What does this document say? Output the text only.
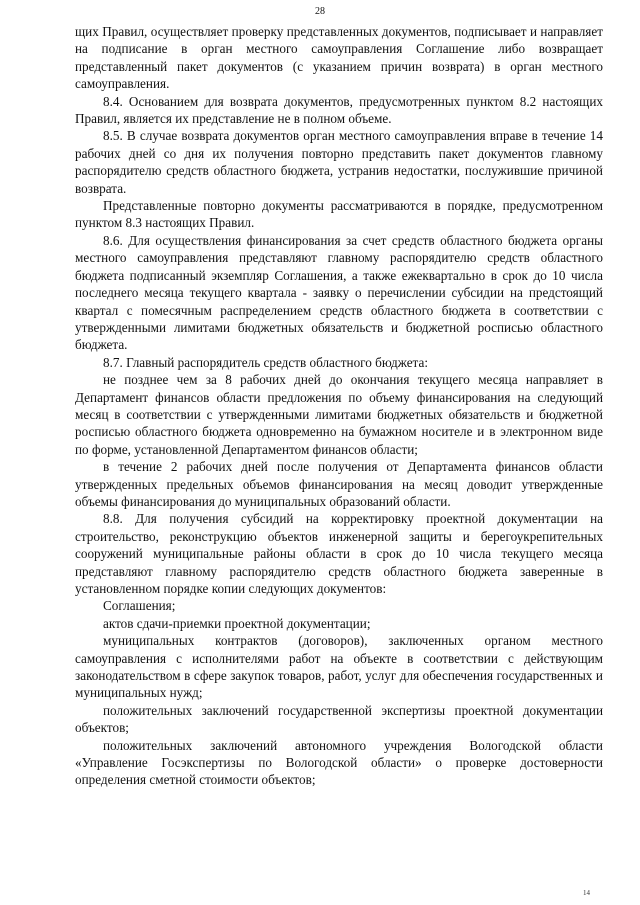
28

щих Правил, осуществляет проверку представленных документов, подписывает и направляет на подписание в орган местного самоуправления Соглашение либо возвращает представленный пакет документов (с указанием причин возврата) в орган местного самоуправления.

8.4. Основанием для возврата документов, предусмотренных пунктом 8.2 настоящих Правил, является их представление не в полном объеме.

8.5. В случае возврата документов орган местного самоуправления вправе в течение 14 рабочих дней со дня их получения повторно представить пакет документов главному распорядителю средств областного бюджета, устранив недостатки, послужившие причиной возврата.

Представленные повторно документы рассматриваются в порядке, предусмотренном пунктом 8.3 настоящих Правил.

8.6. Для осуществления финансирования за счет средств областного бюджета органы местного самоуправления представляют главному распорядителю средств областного бюджета подписанный экземпляр Соглашения, а также ежеквартально в срок до 10 числа последнего месяца текущего квартала - заявку о перечислении субсидии на предстоящий квартал с помесячным распределением средств областного бюджета в соответствии с утвержденными лимитами бюджетных обязательств и бюджетной росписью областного бюджета.

8.7. Главный распорядитель средств областного бюджета:

не позднее чем за 8 рабочих дней до окончания текущего месяца направляет в Департамент финансов области предложения по объему финансирования на следующий месяц в соответствии с утвержденными лимитами бюджетных обязательств и бюджетной росписью областного бюджета одновременно на бумажном носителе и в электронном виде по форме, установленной Департаментом финансов области;

в течение 2 рабочих дней после получения от Департамента финансов области утвержденных предельных объемов финансирования на месяц доводит утвержденные объемы финансирования до муниципальных образований области.

8.8. Для получения субсидий на корректировку проектной документации на строительство, реконструкцию объектов инженерной защиты и берегоукрепительных сооружений муниципальные районы области в срок до 10 числа текущего месяца представляют главному распорядителю средств областного бюджета заверенные в установленном порядке копии следующих документов:

Соглашения;

актов сдачи-приемки проектной документации;

муниципальных контрактов (договоров), заключенных органом местного самоуправления с исполнителями работ на объекте в соответствии с действующим законодательством в сфере закупок товаров, работ, услуг для обеспечения государственных и муниципальных нужд;

положительных заключений государственной экспертизы проектной документации объектов;

положительных заключений автономного учреждения Вологодской области «Управление Госэкспертизы по Вологодской области» о проверке достоверности определения сметной стоимости объектов;

14
